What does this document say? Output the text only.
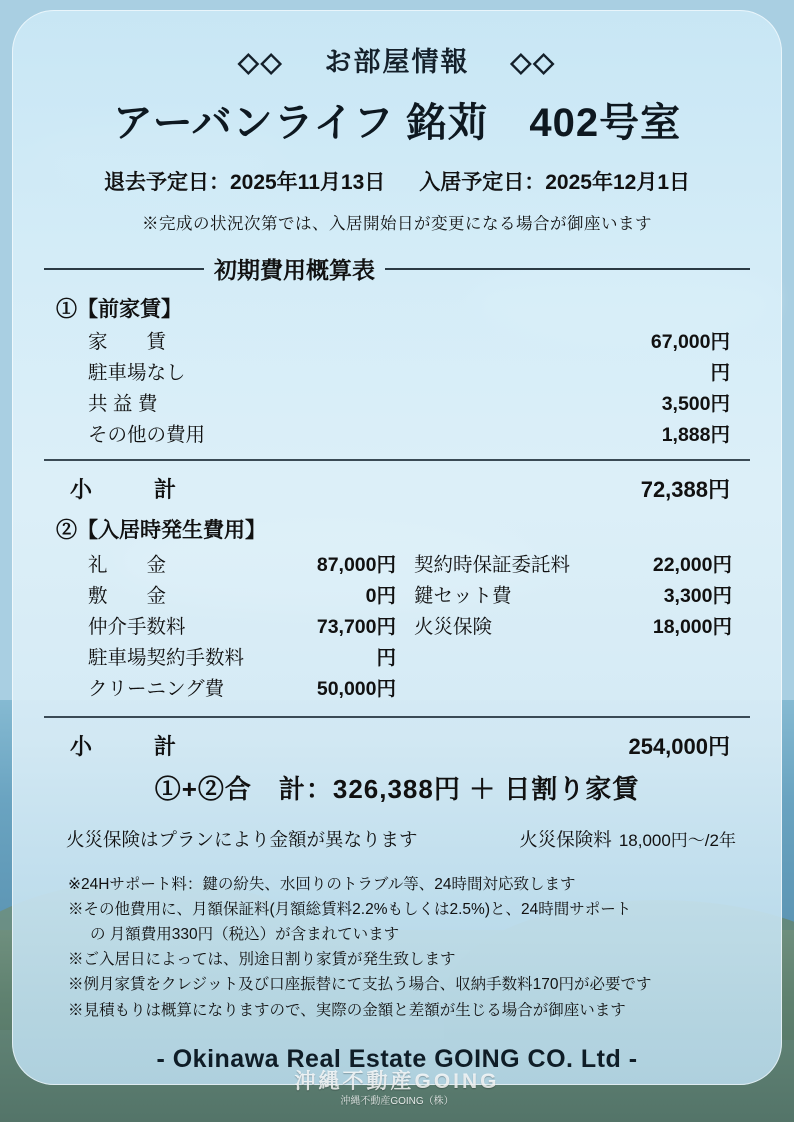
◇◇ お部屋情報 ◇◇
アーバンライフ 銘苅　402号室
退去予定日：2025年11月13日 入居予定日：2025年12月1日
※完成の状況次第では、入居開始日が変更になる場合が御座います
初期費用概算表
①【前家賃】
家　　賃	67,000円
駐車場なし	円
共 益 費	3,500円
その他の費用	1,888円
小　　計	72,388円
②【入居時発生費用】
礼　　金	87,000円
敷　　金	0円
仲介手数料	73,700円
駐車場契約手数料	円
クリーニング費	50,000円
契約時保証委託料	22,000円
鍵セット費	3,300円
火災保険	18,000円
小　　計	254,000円
①+②合　計：326,388円 ＋ 日割り家賃
火災保険はプランにより金額が異なります	火災保険料 18,000円〜/2年
※24Hサポート料：鍵の紛失、水回りのトラブル等、24時間対応致します
※その他費用に、月額保証料(月額総賃料2.2%もしくは2.5%)と、24時間サポート
の 月額費用330円（税込）が含まれています
※ご入居日によっては、別途日割り家賃が発生致します
※例月家賃をクレジット及び口座振替にて支払う場合、収納手数料170円が必要です
※見積もりは概算になりますので、実際の金額と差額が生じる場合が御座います
- Okinawa Real Estate GOING CO. Ltd -
沖縄不動産GOING
沖縄不動産GOING（株）
